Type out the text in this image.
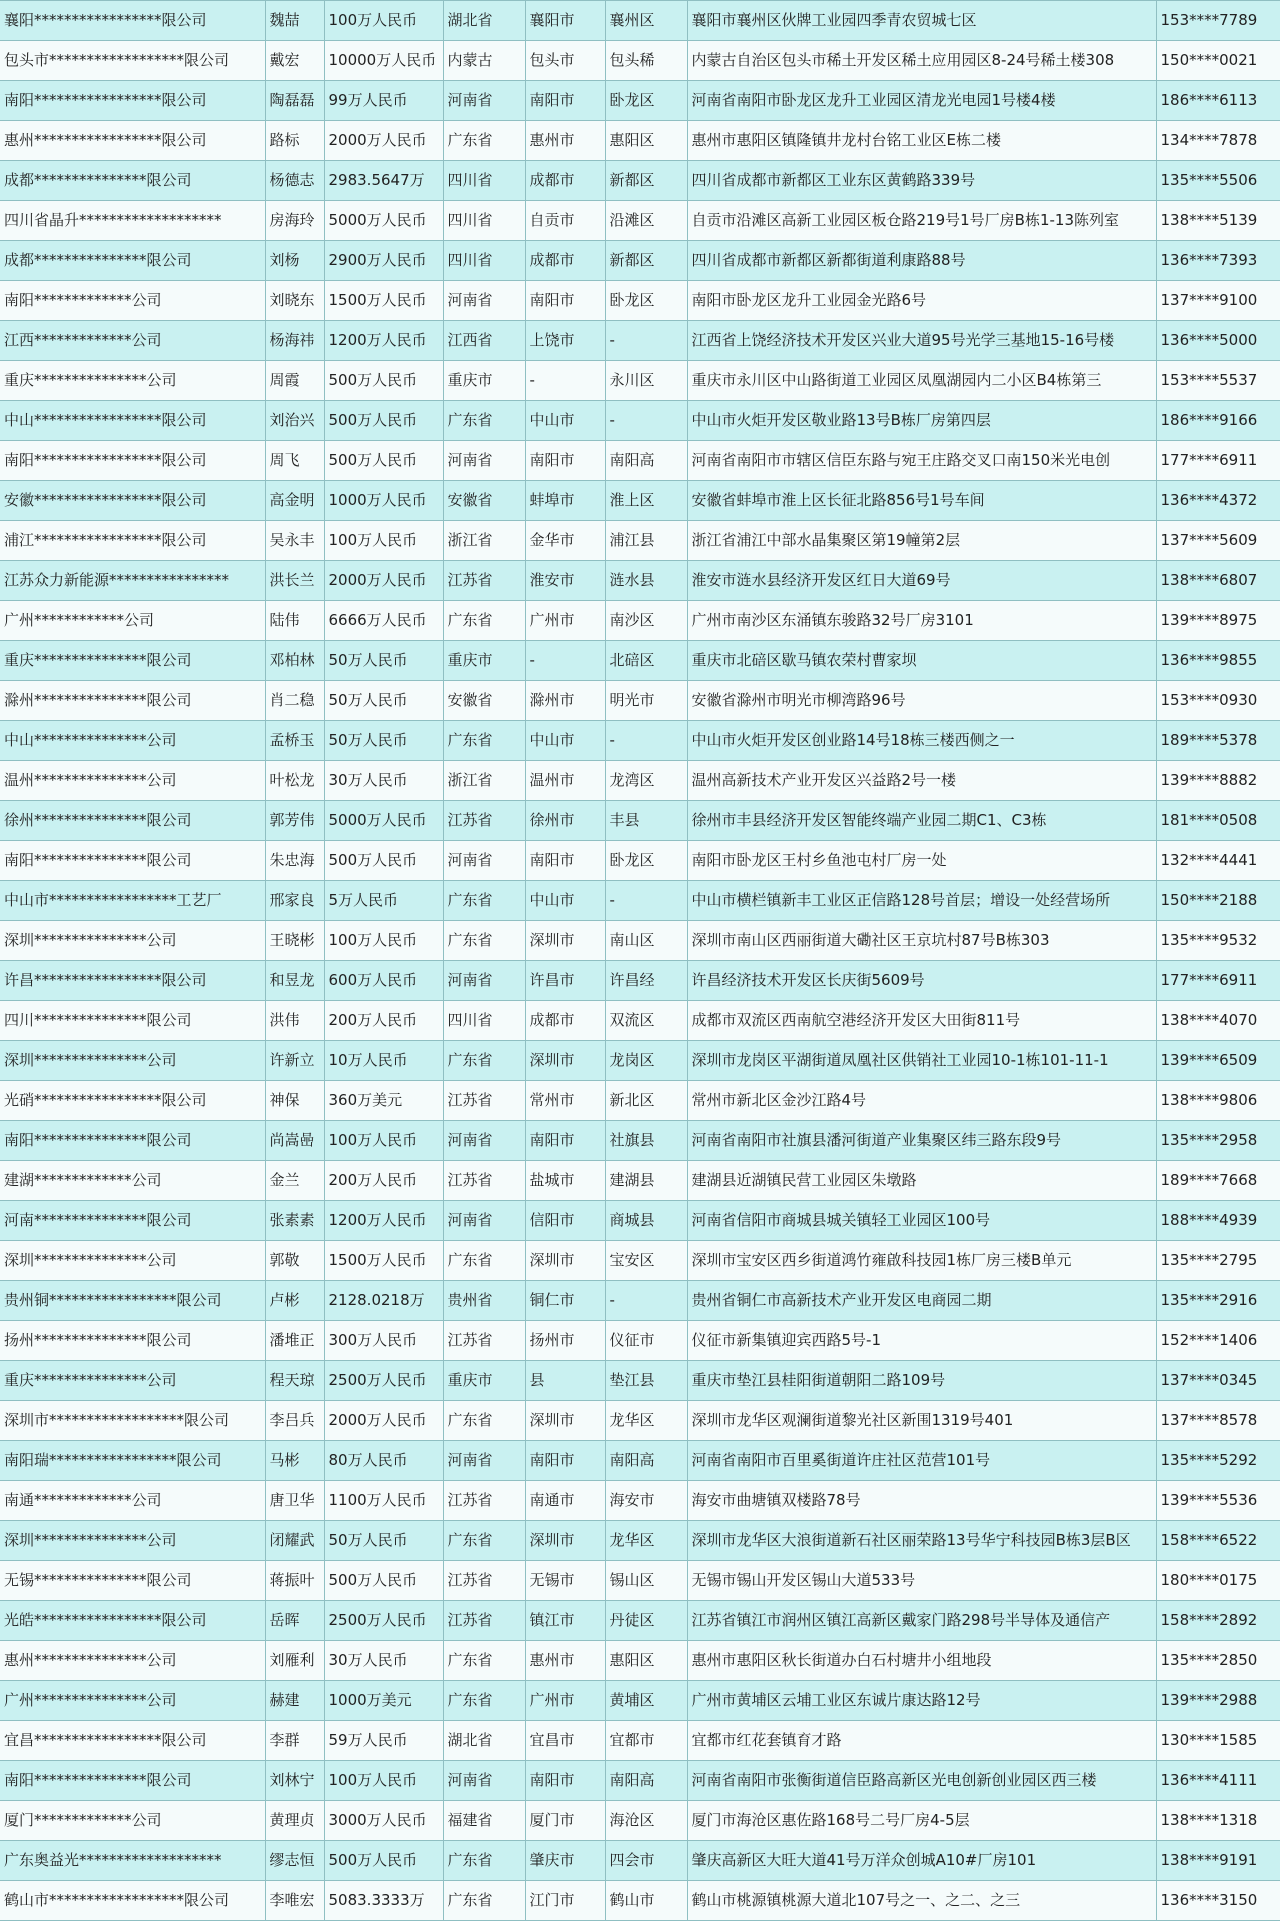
襄阳*****************限公司	魏喆	100万人民币	湖北省	襄阳市	襄州区	襄阳市襄州区伙牌工业园四季青农贸城七区	153****7789
包头市******************限公司	戴宏	10000万人民币	内蒙古	包头市	包头稀	内蒙古自治区包头市稀土开发区稀土应用园区8-24号稀土楼308	150****0021
南阳*****************限公司	陶磊磊	99万人民币	河南省	南阳市	卧龙区	河南省南阳市卧龙区龙升工业园区清龙光电园1号楼4楼	186****6113
惠州*****************限公司	路标	2000万人民币	广东省	惠州市	惠阳区	惠州市惠阳区镇隆镇井龙村台铭工业区E栋二楼	134****7878
成都***************限公司	杨德志	2983.5647万	四川省	成都市	新都区	四川省成都市新都区工业东区黄鹤路339号	135****5506
四川省晶升*******************	房海玲	5000万人民币	四川省	自贡市	沿滩区	自贡市沿滩区高新工业园区板仓路219号1号厂房B栋1-13陈列室	138****5139
成都***************限公司	刘杨	2900万人民币	四川省	成都市	新都区	四川省成都市新都区新都街道利康路88号	136****7393
南阳*************公司	刘晓东	1500万人民币	河南省	南阳市	卧龙区	南阳市卧龙区龙升工业园金光路6号	137****9100
江西*************公司	杨海祎	1200万人民币	江西省	上饶市	-	江西省上饶经济技术开发区兴业大道95号光学三基地15-16号楼	136****5000
重庆***************公司	周霞	500万人民币	重庆市	-	永川区	重庆市永川区中山路街道工业园区凤凰湖园内二小区B4栋第三	153****5537
中山*****************限公司	刘治兴	500万人民币	广东省	中山市	-	中山市火炬开发区敬业路13号B栋厂房第四层	186****9166
南阳*****************限公司	周飞	500万人民币	河南省	南阳市	南阳高	河南省南阳市市辖区信臣东路与宛王庄路交叉口南150米光电创	177****6911
安徽*****************限公司	高金明	1000万人民币	安徽省	蚌埠市	淮上区	安徽省蚌埠市淮上区长征北路856号1号车间	136****4372
浦江*****************限公司	吴永丰	100万人民币	浙江省	金华市	浦江县	浙江省浦江中部水晶集聚区第19幢第2层	137****5609
江苏众力新能源****************	洪长兰	2000万人民币	江苏省	淮安市	涟水县	淮安市涟水县经济开发区红日大道69号	138****6807
广州************公司	陆伟	6666万人民币	广东省	广州市	南沙区	广州市南沙区东涌镇东骏路32号厂房3101	139****8975
重庆***************限公司	邓柏林	50万人民币	重庆市	-	北碚区	重庆市北碚区歇马镇农荣村曹家坝	136****9855
滁州***************限公司	肖二稳	50万人民币	安徽省	滁州市	明光市	安徽省滁州市明光市柳湾路96号	153****0930
中山***************公司	孟桥玉	50万人民币	广东省	中山市	-	中山市火炬开发区创业路14号18栋三楼西侧之一	189****5378
温州***************公司	叶松龙	30万人民币	浙江省	温州市	龙湾区	温州高新技术产业开发区兴益路2号一楼	139****8882
徐州***************限公司	郭芳伟	5000万人民币	江苏省	徐州市	丰县	徐州市丰县经济开发区智能终端产业园二期C1、C3栋	181****0508
南阳***************限公司	朱忠海	500万人民币	河南省	南阳市	卧龙区	南阳市卧龙区王村乡鱼池屯村厂房一处	132****4441
中山市*****************工艺厂	邢家良	5万人民币	广东省	中山市	-	中山市横栏镇新丰工业区正信路128号首层；增设一处经营场所	150****2188
深圳***************公司	王晓彬	100万人民币	广东省	深圳市	南山区	深圳市南山区西丽街道大磡社区王京坑村87号B栋303	135****9532
许昌*****************限公司	和昱龙	600万人民币	河南省	许昌市	许昌经	许昌经济技术开发区长庆街5609号	177****6911
四川***************限公司	洪伟	200万人民币	四川省	成都市	双流区	成都市双流区西南航空港经济开发区大田街811号	138****4070
深圳***************公司	许新立	10万人民币	广东省	深圳市	龙岗区	深圳市龙岗区平湖街道凤凰社区供销社工业园10-1栋101-11-1	139****6509
光硝*****************限公司	神保	360万美元	江苏省	常州市	新北区	常州市新北区金沙江路4号	138****9806
南阳***************限公司	尚嵩喦	100万人民币	河南省	南阳市	社旗县	河南省南阳市社旗县潘河街道产业集聚区纬三路东段9号	135****2958
建湖*************公司	金兰	200万人民币	江苏省	盐城市	建湖县	建湖县近湖镇民营工业园区朱墩路	189****7668
河南***************限公司	张素素	1200万人民币	河南省	信阳市	商城县	河南省信阳市商城县城关镇轻工业园区100号	188****4939
深圳***************公司	郭敬	1500万人民币	广东省	深圳市	宝安区	深圳市宝安区西乡街道鸿竹雍啟科技园1栋厂房三楼B单元	135****2795
贵州铜*****************限公司	卢彬	2128.0218万	贵州省	铜仁市	-	贵州省铜仁市高新技术产业开发区电商园二期	135****2916
扬州***************限公司	潘堆正	300万人民币	江苏省	扬州市	仪征市	仪征市新集镇迎宾西路5号-1	152****1406
重庆***************公司	程天琼	2500万人民币	重庆市	县	垫江县	重庆市垫江县桂阳街道朝阳二路109号	137****0345
深圳市******************限公司	李吕兵	2000万人民币	广东省	深圳市	龙华区	深圳市龙华区观澜街道黎光社区新围1319号401	137****8578
南阳瑞*****************限公司	马彬	80万人民币	河南省	南阳市	南阳高	河南省南阳市百里奚街道许庄社区范营101号	135****5292
南通*************公司	唐卫华	1100万人民币	江苏省	南通市	海安市	海安市曲塘镇双楼路78号	139****5536
深圳***************公司	闭耀武	50万人民币	广东省	深圳市	龙华区	深圳市龙华区大浪街道新石社区丽荣路13号华宁科技园B栋3层B区	158****6522
无锡***************限公司	蒋振叶	500万人民币	江苏省	无锡市	锡山区	无锡市锡山开发区锡山大道533号	180****0175
光皓*****************限公司	岳晖	2500万人民币	江苏省	镇江市	丹徒区	江苏省镇江市润州区镇江高新区戴家门路298号半导体及通信产	158****2892
惠州***************公司	刘雁利	30万人民币	广东省	惠州市	惠阳区	惠州市惠阳区秋长街道办白石村塘井小组地段	135****2850
广州***************公司	赫建	1000万美元	广东省	广州市	黄埔区	广州市黄埔区云埔工业区东诚片康达路12号	139****2988
宜昌*****************限公司	李群	59万人民币	湖北省	宜昌市	宜都市	宜都市红花套镇育才路	130****1585
南阳***************限公司	刘林宁	100万人民币	河南省	南阳市	南阳高	河南省南阳市张衡街道信臣路高新区光电创新创业园区西三楼	136****4111
厦门*************公司	黄理贞	3000万人民币	福建省	厦门市	海沧区	厦门市海沧区惠佐路168号二号厂房4-5层	138****1318
广东奥益光*******************	缪志恒	500万人民币	广东省	肇庆市	四会市	肇庆高新区大旺大道41号万洋众创城A10#厂房101	138****9191
鹤山市******************限公司	李唯宏	5083.3333万	广东省	江门市	鹤山市	鹤山市桃源镇桃源大道北107号之一、之二、之三	136****3150
